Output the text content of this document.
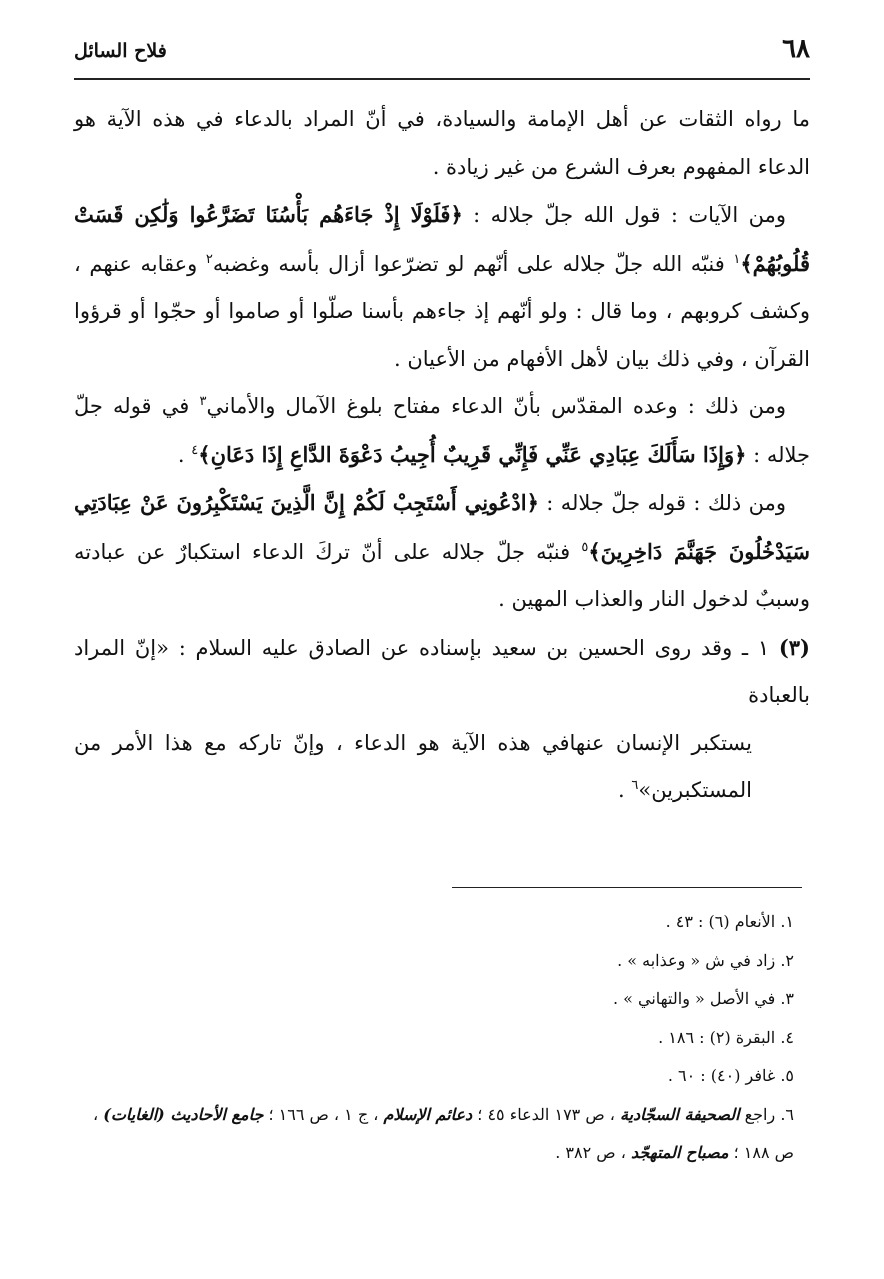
٦٨
فلاح السائل

ما رواه الثقات عن أهل الإمامة والسيادة، في أنّ المراد بالدعاء في هذه الآية هو الدعاء المفهوم بعرف الشرع من غير زيادة .

ومن الآيات : قول الله جلّ جلاله : ﴿فَلَوْلَا إِذْ جَاءَهُم بَأْسُنَا تَضَرَّعُوا وَلَٰكِن قَسَتْ قُلُوبُهُمْ﴾$^١$ فنبّه الله جلّ جلاله على أنّهم لو تضرّعوا أزال بأسه وغضبه$^٢$ وعقابه عنهم ، وكشف كروبهم ، وما قال : ولو أنّهم إذ جاءهم بأسنا صلّوا أو صاموا أو حجّوا أو قرؤوا القرآن ، وفي ذلك بيان لأهل الأفهام من الأعيان .

ومن ذلك : وعده المقدّس بأنّ الدعاء مفتاح بلوغ الآمال والأماني$^٣$ في قوله جلّ جلاله : ﴿وَإِذَا سَأَلَكَ عِبَادِي عَنِّي فَإِنِّي قَرِيبٌ أُجِيبُ دَعْوَةَ الدَّاعِ إِذَا دَعَانِ﴾$^٤$ .

ومن ذلك : قوله جلّ جلاله : ﴿ادْعُونِي أَسْتَجِبْ لَكُمْ إِنَّ الَّذِينَ يَسْتَكْبِرُونَ عَنْ عِبَادَتِي سَيَدْخُلُونَ جَهَنَّمَ دَاخِرِينَ﴾$^٥$ فنبّه جلّ جلاله على أنّ تركَ الدعاء استكبارٌ عن عبادته وسببٌ لدخول النار والعذاب المهين .

(٣) ١ ـ وقد روى الحسين بن سعيد بإسناده عن الصادق عليه السلام : «إنّ المراد بالعبادة
يستكبر الإنسان عنهافي هذه الآية هو الدعاء ، وإنّ تاركه مع هذا الأمر من المستكبرين»$^٦$ .

١. الأنعام (٦) : ٤٣ .
٢. زاد في ش « وعذابه » .
٣. في الأصل « والتهاني » .
٤. البقرة (٢) : ١٨٦ .
٥. غافر (٤٠) : ٦٠ .
٦. راجع الصحيفة السجّادية ، ص ١٧٣ الدعاء ٤٥ ؛ دعائم الإسلام ، ج ١ ، ص ١٦٦ ؛ جامع الأحاديث (الغايات) ، ص ١٨٨ ؛ مصباح المتهجّد ، ص ٣٨٢ .
